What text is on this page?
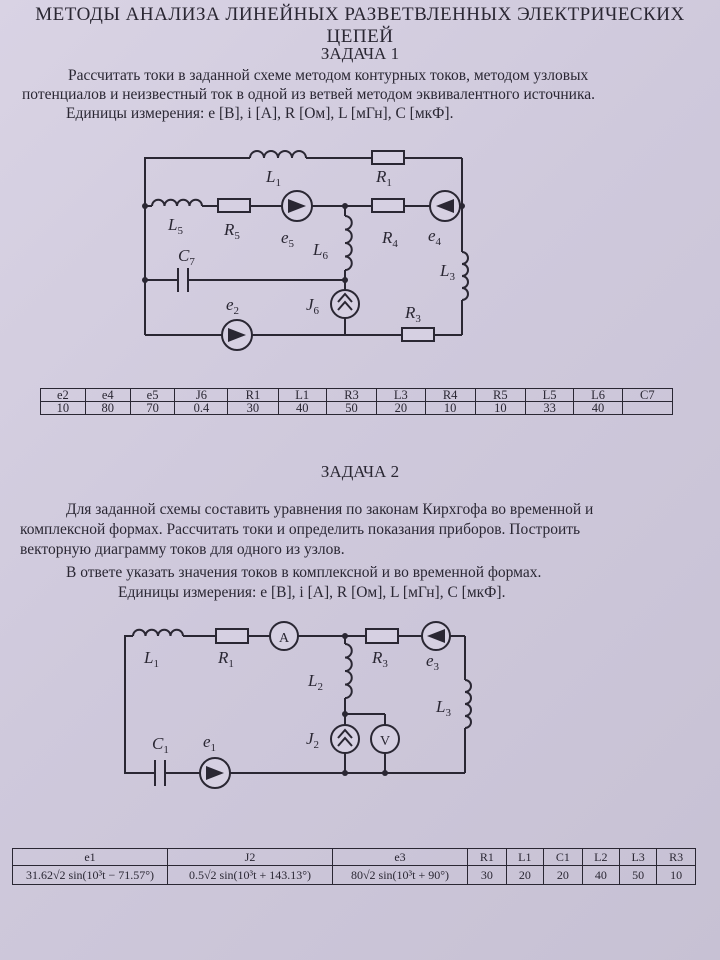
МЕТОДЫ АНАЛИЗА ЛИНЕЙНЫХ РАЗВЕТВЛЕННЫХ ЭЛЕКТРИЧЕСКИХ ЦЕПЕЙ
ЗАДАЧА 1
Рассчитать токи в заданной схеме методом контурных токов, методом узловых
потенциалов и неизвестный ток в одной из ветвей методом эквивалентного источника.
Единицы измерения: e [В], i [А], R [Ом], L [мГн], C [мкФ].
$L_1$	$R_1$
$L_5$ $R_5$ $e_5$ $L_6$
$R_4$ $e_4$
$C_7$	$L_3$
$J_6$
$e_2$	$R_3$
e2	e4	e5	J6	R1	L1	R3	L3	R4	R5	L5	L6	C7
10	80	70	0.4	30	40	50	20	10	10	33	40	
ЗАДАЧА 2
Для заданной схемы составить уравнения по законам Кирхгофа во временной и
комплексной формах. Рассчитать токи и определить показания приборов. Построить
векторную диаграмму токов для одного из узлов.
В ответе указать значения токов в комплексной и во временной формах.
Единицы измерения: e [В], i [А], R [Ом], L [мГн], C [мкФ].
A
V
$L_1$	$R_1$	$R_3$ $e_3$
$L_2$
$L_3$
$J_2$
$C_1$ $e_1$
e1	J2	e3	R1	L1	C1	L2	L3	R3
31.62√2 sin(10³t − 71.57°)	0.5√2 sin(10³t + 143.13°)	80√2 sin(10³t + 90°)	30	20	20	40	50	10
